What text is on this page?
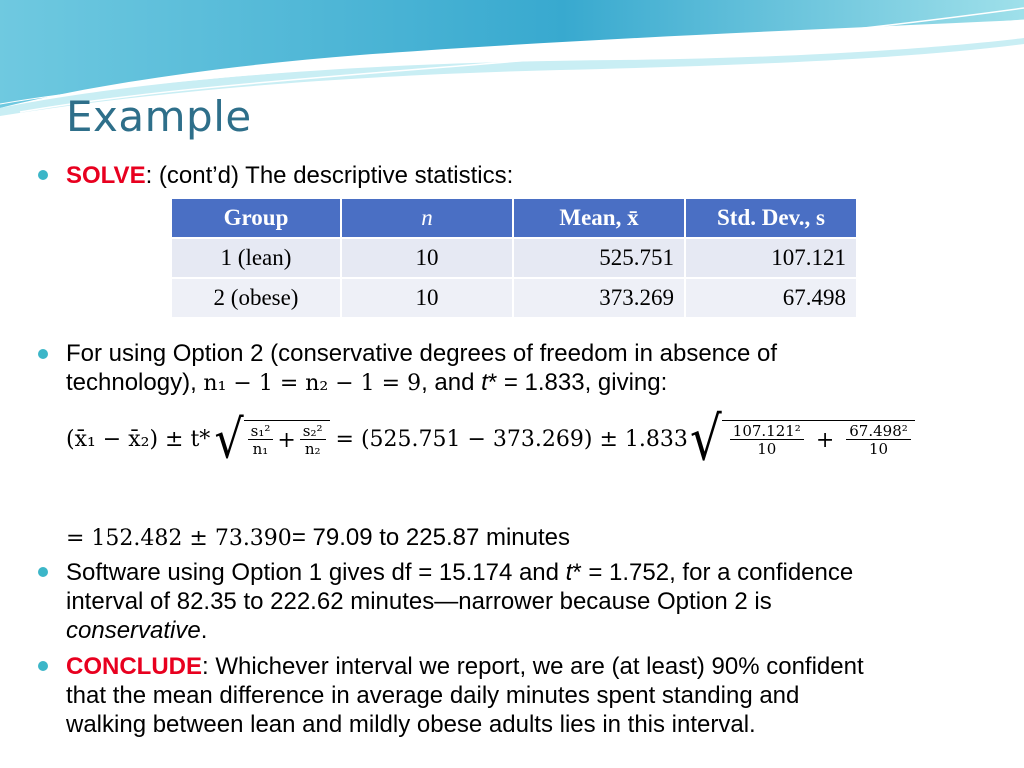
Example
SOLVE: (cont’d) The descriptive statistics:
Group	n	Mean, x̄	Std. Dev., s
1 (lean)	10	525.751	107.121
2 (obese)	10	373.269	67.498
For using Option 2 (conservative degrees of freedom in absence of
technology), n₁ − 1 = n₂ − 1 = 9, and t* = 1.833, giving:
(x̄₁ − x̄₂) ± t* √ $\frac{\text{s₁²}}{\text{n₁}} + \frac{\text{s₂²}}{\text{n₂}} = (525.751 - 373.269) \pm 1.833$ √ $\frac{\text{107.121²}}{10} + \frac{\text{67.498²}}{10}$
= 152.482 ± 73.390= 79.09 to 225.87 minutes
Software using Option 1 gives df = 15.174 and t* = 1.752, for a confidence
interval of 82.35 to 222.62 minutes—narrower because Option 2 is
conservative.
CONCLUDE: Whichever interval we report, we are (at least) 90% confident
that the mean difference in average daily minutes spent standing and
walking between lean and mildly obese adults lies in this interval.
